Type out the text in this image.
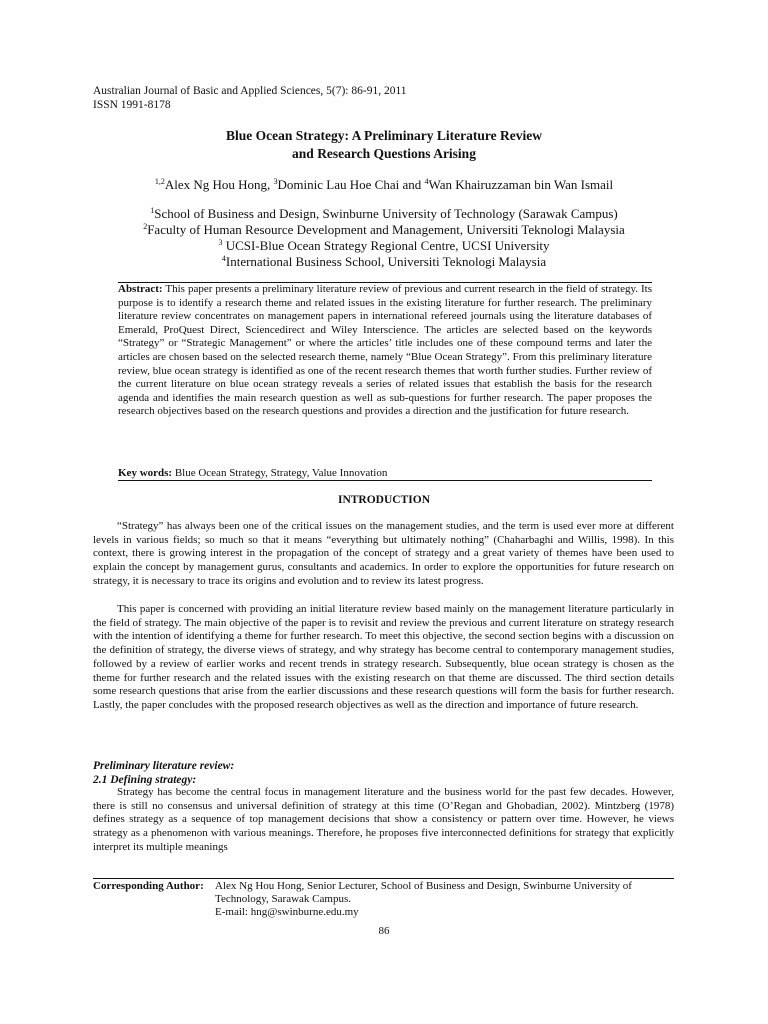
Australian Journal of Basic and Applied Sciences, 5(7): 86-91, 2011
ISSN 1991-8178
Blue Ocean Strategy: A Preliminary Literature Review
and Research Questions Arising
$^{1,2}$Alex Ng Hou Hong, $^3$Dominic Lau Hoe Chai and $^4$Wan Khairuzzaman bin Wan Ismail
$^1$School of Business and Design, Swinburne University of Technology (Sarawak Campus)
$^2$Faculty of Human Resource Development and Management, Universiti Teknologi Malaysia
$^3$ UCSI-Blue Ocean Strategy Regional Centre, UCSI University
$^4$International Business School, Universiti Teknologi Malaysia
Abstract: This paper presents a preliminary literature review of previous and current research in the field of strategy. Its purpose is to identify a research theme and related issues in the existing literature for further research. The preliminary literature review concentrates on management papers in international refereed journals using the literature databases of Emerald, ProQuest Direct, Sciencedirect and Wiley Interscience. The articles are selected based on the keywords “Strategy” or “Strategic Management” or where the articles’ title includes one of these compound terms and later the articles are chosen based on the selected research theme, namely “Blue Ocean Strategy”. From this preliminary literature review, blue ocean strategy is identified as one of the recent research themes that worth further studies. Further review of the current literature on blue ocean strategy reveals a series of related issues that establish the basis for the research agenda and identifies the main research question as well as sub-questions for further research. The paper proposes the research objectives based on the research questions and provides a direction and the justification for future research.
Key words: Blue Ocean Strategy, Strategy, Value Innovation
INTRODUCTION

“Strategy” has always been one of the critical issues on the management studies, and the term is used ever more at different levels in various fields; so much so that it means “everything but ultimately nothing” (Chaharbaghi and Willis, 1998). In this context, there is growing interest in the propagation of the concept of strategy and a great variety of themes have been used to explain the concept by management gurus, consultants and academics. In order to explore the opportunities for future research on strategy, it is necessary to trace its origins and evolution and to review its latest progress.

This paper is concerned with providing an initial literature review based mainly on the management literature particularly in the field of strategy. The main objective of the paper is to revisit and review the previous and current literature on strategy research with the intention of identifying a theme for further research. To meet this objective, the second section begins with a discussion on the definition of strategy, the diverse views of strategy, and why strategy has become central to contemporary management studies, followed by a review of earlier works and recent trends in strategy research. Subsequently, blue ocean strategy is chosen as the theme for further research and the related issues with the existing research on that theme are discussed. The third section details some research questions that arise from the earlier discussions and these research questions will form the basis for further research. Lastly, the paper concludes with the proposed research objectives as well as the direction and importance of future research.

Preliminary literature review:
2.1 Defining strategy:

Strategy has become the central focus in management literature and the business world for the past few decades. However, there is still no consensus and universal definition of strategy at this time (O’Regan and Ghobadian, 2002). Mintzberg (1978) defines strategy as a sequence of top management decisions that show a consistency or pattern over time. However, he views strategy as a phenomenon with various meanings. Therefore, he proposes five interconnected definitions for strategy that explicitly interpret its multiple meanings

Corresponding Author: Alex Ng Hou Hong, Senior Lecturer, School of Business and Design, Swinburne University of
Technology, Sarawak Campus.
E-mail: hng@swinburne.edu.my
86
